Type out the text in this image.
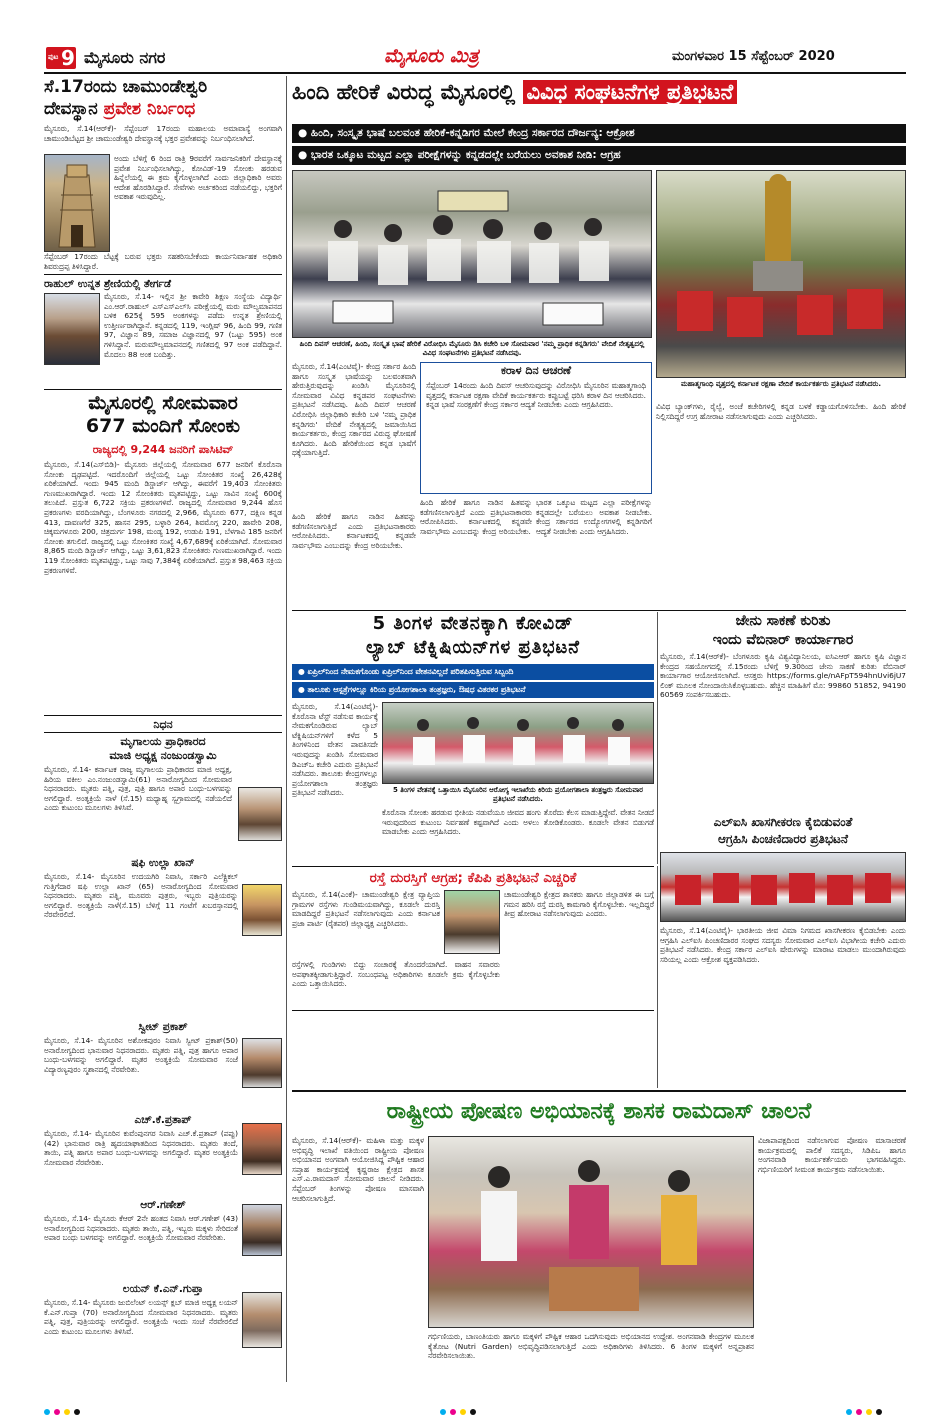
ಪುಟ 9 ಮೈಸೂರು ನಗರ	ಮೈಸೂರು ಮಿತ್ರ	ಮಂಗಳವಾರ 15 ಸೆಪ್ಟೆಂಬರ್ 2020
ಸೆ.17ರಂದು ಚಾಮುಂಡೇಶ್ವರಿ
ದೇವಸ್ಥಾನ ಪ್ರವೇಶ ನಿರ್ಬಂಧ
ಮೈಸೂರು, ಸೆ.14(ಆರ್‌ಕೆ)- ಸೆಪ್ಟೆಂಬರ್ 17ರಂದು ಮಹಾಲಯ ಅಮಾವಾಸ್ಯೆ ಅಂಗವಾಗಿ ಚಾಮುಂಡಿಬೆಟ್ಟದ ಶ್ರೀ ಚಾಮುಂಡೇಶ್ವರಿ ದೇವಸ್ಥಾನಕ್ಕೆ ಭಕ್ತರ ಪ್ರವೇಶವನ್ನು ನಿರ್ಬಂಧಿಸಲಾಗಿದೆ.
ಅಂದು ಬೆಳಿಗ್ಗೆ 6 ರಿಂದ ರಾತ್ರಿ 9ರವರೆಗೆ ಸಾರ್ವಜನಿಕರಿಗೆ ದೇವಸ್ಥಾನಕ್ಕೆ ಪ್ರವೇಶ ನಿರ್ಬಂಧಿಸಲಾಗಿದ್ದು, ಕೋವಿಡ್-19 ಸೋಂಕು ಹರಡುವ ಹಿನ್ನೆಲೆಯಲ್ಲಿ ಈ ಕ್ರಮ ಕೈಗೊಳ್ಳಲಾಗಿದೆ ಎಂದು ಜಿಲ್ಲಾಧಿಕಾರಿ ಅವರು ಆದೇಶ ಹೊರಡಿಸಿದ್ದಾರೆ. ಸೇವೆಗಳು ಅರ್ಚಕರಿಂದ ನಡೆಯಲಿದ್ದು, ಭಕ್ತರಿಗೆ ಅವಕಾಶ ಇರುವುದಿಲ್ಲ.
ಸೆಪ್ಟೆಂಬರ್ 17ರಂದು ಬೆಟ್ಟಕ್ಕೆ ಬರುವ ಭಕ್ತರು ಸಹಕರಿಸಬೇಕೆಂದು ಕಾರ್ಯನಿರ್ವಾಹಕ ಅಧಿಕಾರಿ ಶಿವರುದ್ರಪ್ಪ ತಿಳಿಸಿದ್ದಾರೆ.
ರಾಹುಲ್ ಉನ್ನತ ಶ್ರೇಣಿಯಲ್ಲಿ ತೇರ್ಗಡೆ
ಮೈಸೂರು, ಸೆ.14- ಇಲ್ಲಿನ ಶ್ರೀ ಕಾವೇರಿ ಶಿಕ್ಷಣ ಸಂಸ್ಥೆಯ ವಿದ್ಯಾರ್ಥಿ ಎಂ.ಆರ್.ರಾಹುಲ್ ಎಸ್‌ಎಸ್‌ಎಲ್‌ಸಿ ಪರೀಕ್ಷೆಯಲ್ಲಿ ಮರು ಮೌಲ್ಯಮಾಪನದ ಬಳಿಕ 625ಕ್ಕೆ 595 ಅಂಕಗಳನ್ನು ಪಡೆದು ಉನ್ನತ ಶ್ರೇಣಿಯಲ್ಲಿ ಉತ್ತೀರ್ಣರಾಗಿದ್ದಾನೆ. ಕನ್ನಡದಲ್ಲಿ 119, ಇಂಗ್ಲಿಷ್ 96, ಹಿಂದಿ 99, ಗಣಿತ 97, ವಿಜ್ಞಾನ 89, ಸಮಾಜ ವಿಜ್ಞಾನದಲ್ಲಿ 97 (ಒಟ್ಟು 595) ಅಂಕ ಗಳಿಸಿದ್ದಾನೆ. ಮರುಮೌಲ್ಯಮಾಪನದಲ್ಲಿ ಗಣಿತದಲ್ಲಿ 97 ಅಂಕ ಪಡೆದಿದ್ದಾನೆ. ಮೊದಲು 88 ಅಂಕ ಬಂದಿತ್ತು.
ಮೈಸೂರಲ್ಲಿ ಸೋಮವಾರ
677 ಮಂದಿಗೆ ಸೋಂಕು
ರಾಜ್ಯದಲ್ಲಿ 9,244 ಜನರಿಗೆ ಪಾಸಿಟಿವ್
ಮೈಸೂರು, ಸೆ.14(ಎಸ್‌ಬಿಡಿ)- ಮೈಸೂರು ಜಿಲ್ಲೆಯಲ್ಲಿ ಸೋಮವಾರ 677 ಜನರಿಗೆ ಕೊರೊನಾ ಸೋಂಕು ದೃಢಪಟ್ಟಿದೆ. ಇದರೊಂದಿಗೆ ಜಿಲ್ಲೆಯಲ್ಲಿ ಒಟ್ಟು ಸೋಂಕಿತರ ಸಂಖ್ಯೆ 26,428ಕ್ಕೆ ಏರಿಕೆಯಾಗಿದೆ. ಇಂದು 945 ಮಂದಿ ಡಿಸ್ಚಾರ್ಜ್ ಆಗಿದ್ದು, ಈವರೆಗೆ 19,403 ಸೋಂಕಿತರು ಗುಣಮುಖರಾಗಿದ್ದಾರೆ. ಇಂದು 12 ಸೋಂಕಿತರು ಮೃತಪಟ್ಟಿದ್ದು, ಒಟ್ಟು ಸಾವಿನ ಸಂಖ್ಯೆ 600ಕ್ಕೆ ತಲುಪಿದೆ. ಪ್ರಸ್ತುತ 6,722 ಸಕ್ರಿಯ ಪ್ರಕರಣಗಳಿವೆ. ರಾಜ್ಯದಲ್ಲಿ ಸೋಮವಾರ 9,244 ಹೊಸ ಪ್ರಕರಣಗಳು ವರದಿಯಾಗಿದ್ದು, ಬೆಂಗಳೂರು ನಗರದಲ್ಲಿ 2,966, ಮೈಸೂರು 677, ದಕ್ಷಿಣ ಕನ್ನಡ 413, ದಾವಣಗೆರೆ 325, ಹಾಸನ 295, ಬಳ್ಳಾರಿ 264, ಶಿವಮೊಗ್ಗ 220, ಹಾವೇರಿ 208, ಚಿಕ್ಕಮಗಳೂರು 200, ಚಿತ್ರದುರ್ಗ 198, ಮಂಡ್ಯ 192, ಉಡುಪಿ 191, ಬೆಳಗಾವಿ 185 ಜನರಿಗೆ ಸೋಂಕು ತಗುಲಿದೆ. ರಾಜ್ಯದಲ್ಲಿ ಒಟ್ಟು ಸೋಂಕಿತರ ಸಂಖ್ಯೆ 4,67,689ಕ್ಕೆ ಏರಿಕೆಯಾಗಿದೆ. ಸೋಮವಾರ 8,865 ಮಂದಿ ಡಿಸ್ಚಾರ್ಜ್ ಆಗಿದ್ದು, ಒಟ್ಟು 3,61,823 ಸೋಂಕಿತರು ಗುಣಮುಖರಾಗಿದ್ದಾರೆ. ಇಂದು 119 ಸೋಂಕಿತರು ಮೃತಪಟ್ಟಿದ್ದು, ಒಟ್ಟು ಸಾವು 7,384ಕ್ಕೆ ಏರಿಕೆಯಾಗಿದೆ. ಪ್ರಸ್ತುತ 98,463 ಸಕ್ರಿಯ ಪ್ರಕರಣಗಳಿವೆ.
ನಿಧನ
ಮೃಗಾಲಯ ಪ್ರಾಧಿಕಾರದ
ಮಾಜಿ ಅಧ್ಯಕ್ಷ ನಂಜುಂಡಸ್ವಾಮಿ
ಮೈಸೂರು, ಸೆ.14- ಕರ್ನಾಟಕ ರಾಜ್ಯ ಮೃಗಾಲಯ ಪ್ರಾಧಿಕಾರದ ಮಾಜಿ ಅಧ್ಯಕ್ಷ, ಹಿರಿಯ ವಕೀಲ ಎಂ.ನಂಜುಂಡಸ್ವಾಮಿ(61) ಅನಾರೋಗ್ಯದಿಂದ ಸೋಮವಾರ ನಿಧನರಾದರು. ಮೃತರು ಪತ್ನಿ, ಪುತ್ರ, ಪುತ್ರಿ ಹಾಗೂ ಅಪಾರ ಬಂಧು-ಬಳಗವನ್ನು ಅಗಲಿದ್ದಾರೆ. ಅಂತ್ಯಕ್ರಿಯೆ ನಾಳೆ (ಸೆ.15) ಮಧ್ಯಾಹ್ನ ಸ್ವಗ್ರಾಮದಲ್ಲಿ ನಡೆಯಲಿದೆ ಎಂದು ಕುಟುಂಬ ಮೂಲಗಳು ತಿಳಿಸಿವೆ.
ಷಫಿ ಉಲ್ಲಾ ಖಾನ್
ಮೈಸೂರು, ಸೆ.14- ಮೈಸೂರಿನ ಉದಯಗಿರಿ ನಿವಾಸಿ, ಸರ್ಕಾರಿ ಎಲೆಕ್ಟ್ರಿಕಲ್ ಗುತ್ತಿಗೆದಾರ ಷಫಿ ಉಲ್ಲಾ ಖಾನ್ (65) ಅನಾರೋಗ್ಯದಿಂದ ಸೋಮವಾರ ನಿಧನರಾದರು. ಮೃತರು ಪತ್ನಿ, ಮೂವರು ಪುತ್ರರು, ಇಬ್ಬರು ಪುತ್ರಿಯರನ್ನು ಅಗಲಿದ್ದಾರೆ. ಅಂತ್ಯಕ್ರಿಯೆ ನಾಳೆ(ಸೆ.15) ಬೆಳಿಗ್ಗೆ 11 ಗಂಟೆಗೆ ಖಬರಸ್ತಾನದಲ್ಲಿ ನೆರವೇರಲಿದೆ.
ಸ್ವೀಟ್ ಪ್ರಕಾಶ್
ಮೈಸೂರು, ಸೆ.14- ಮೈಸೂರಿನ ಅಶೋಕಪುರಂ ನಿವಾಸಿ ಸ್ವೀಟ್ ಪ್ರಕಾಶ್(50) ಅನಾರೋಗ್ಯದಿಂದ ಭಾನುವಾರ ನಿಧನರಾದರು. ಮೃತರು ಪತ್ನಿ, ಪುತ್ರ ಹಾಗೂ ಅಪಾರ ಬಂಧು-ಬಳಗವನ್ನು ಅಗಲಿದ್ದಾರೆ. ಮೃತರ ಅಂತ್ಯಕ್ರಿಯೆ ಸೋಮವಾರ ಸಂಜೆ ವಿದ್ಯಾರಣ್ಯಪುರಂ ಸ್ಮಶಾನದಲ್ಲಿ ನೆರವೇರಿತು.
ಎಚ್.ಕೆ.ಪ್ರತಾಪ್
ಮೈಸೂರು, ಸೆ.14- ಮೈಸೂರಿನ ಕುವೆಂಪುನಗರ ನಿವಾಸಿ ಎಚ್.ಕೆ.ಪ್ರತಾಪ್ (ಪಪ್ಪು)(42) ಭಾನುವಾರ ರಾತ್ರಿ ಹೃದಯಾಘಾತದಿಂದ ನಿಧನರಾದರು. ಮೃತರು ತಂದೆ, ತಾಯಿ, ಪತ್ನಿ ಹಾಗೂ ಅಪಾರ ಬಂಧು-ಬಳಗವನ್ನು ಅಗಲಿದ್ದಾರೆ. ಮೃತರ ಅಂತ್ಯಕ್ರಿಯೆ ಸೋಮವಾರ ನೆರವೇರಿತು.
ಆರ್.ಗಣೇಶ್
ಮೈಸೂರು, ಸೆ.14- ಮೈಸೂರು ಕೆಆರ್ 2ನೇ ಹಂತದ ನಿವಾಸಿ ಆರ್.ಗಣೇಶ್ (43) ಅನಾರೋಗ್ಯದಿಂದ ನಿಧನರಾದರು. ಮೃತರು ತಾಯಿ, ಪತ್ನಿ, ಇಬ್ಬರು ಮಕ್ಕಳು ಸೇರಿದಂತೆ ಅಪಾರ ಬಂಧು ಬಳಗವನ್ನು ಅಗಲಿದ್ದಾರೆ. ಅಂತ್ಯಕ್ರಿಯೆ ಸೋಮವಾರ ನೆರವೇರಿತು.
ಲಯನ್ ಕೆ.ಎನ್.ಗುಪ್ತಾ
ಮೈಸೂರು, ಸೆ.14- ಮೈಸೂರು ಜುಬಿಲೆಂಟ್ ಲಯನ್ಸ್ ಕ್ಲಬ್ ಮಾಜಿ ಅಧ್ಯಕ್ಷ ಲಯನ್ ಕೆ.ಎನ್.ಗುಪ್ತಾ (70) ಅನಾರೋಗ್ಯದಿಂದ ಸೋಮವಾರ ನಿಧನರಾದರು. ಮೃತರು ಪತ್ನಿ, ಪುತ್ರ, ಪುತ್ರಿಯರನ್ನು ಅಗಲಿದ್ದಾರೆ. ಅಂತ್ಯಕ್ರಿಯೆ ಇಂದು ಸಂಜೆ ನೆರವೇರಲಿದೆ ಎಂದು ಕುಟುಂಬ ಮೂಲಗಳು ತಿಳಿಸಿವೆ.
ಹಿಂದಿ ಹೇರಿಕೆ ವಿರುದ್ಧ ಮೈಸೂರಲ್ಲಿ ವಿವಿಧ ಸಂಘಟನೆಗಳ ಪ್ರತಿಭಟನೆ
● ಹಿಂದಿ, ಸಂಸ್ಕೃತ ಭಾಷೆ ಬಲವಂತ ಹೇರಿಕೆ-ಕನ್ನಡಿಗರ ಮೇಲೆ ಕೇಂದ್ರ ಸರ್ಕಾರದ ದೌರ್ಜನ್ಯ: ಆಕ್ರೋಶ
● ಭಾರತ ಒಕ್ಕೂಟ ಮಟ್ಟದ ಎಲ್ಲಾ ಪರೀಕ್ಷೆಗಳನ್ನು ಕನ್ನಡದಲ್ಲೇ ಬರೆಯಲು ಅವಕಾಶ ನೀಡಿ: ಆಗ್ರಹ
ಹಿಂದಿ ದಿವಸ್ ಆಚರಣೆ, ಹಿಂದಿ, ಸಂಸ್ಕೃತ ಭಾಷೆ ಹೇರಿಕೆ ವಿರೋಧಿಸಿ ಮೈಸೂರು ಡಿಸಿ ಕಚೇರಿ ಬಳಿ ಸೋಮವಾರ 'ನಮ್ಮ ಪ್ರಾಧಿಕ ಕನ್ನಡಿಗರು' ವೇದಿಕೆ ನೇತೃತ್ವದಲ್ಲಿ ವಿವಿಧ ಸಂಘಟನೆಗಳು ಪ್ರತಿಭಟನೆ ನಡೆಸಿದವು.
ಮಹಾತ್ಮಗಾಂಧಿ ವೃತ್ತದಲ್ಲಿ ಕರ್ನಾಟಕ ರಕ್ಷಣಾ ವೇದಿಕೆ ಕಾರ್ಯಕರ್ತರು ಪ್ರತಿಭಟನೆ ನಡೆಸಿದರು.
ಮೈಸೂರು, ಸೆ.14(ಎಂಟಿವೈ)- ಕೇಂದ್ರ ಸರ್ಕಾರ ಹಿಂದಿ ಹಾಗೂ ಸಂಸ್ಕೃತ ಭಾಷೆಯನ್ನು ಬಲವಂತವಾಗಿ ಹೇರುತ್ತಿರುವುದನ್ನು ಖಂಡಿಸಿ ಮೈಸೂರಿನಲ್ಲಿ ಸೋಮವಾರ ವಿವಿಧ ಕನ್ನಡಪರ ಸಂಘಟನೆಗಳು ಪ್ರತಿಭಟನೆ ನಡೆಸಿದವು. ಹಿಂದಿ ದಿವಸ್ ಆಚರಣೆ ವಿರೋಧಿಸಿ ಜಿಲ್ಲಾಧಿಕಾರಿ ಕಚೇರಿ ಬಳಿ 'ನಮ್ಮ ಪ್ರಾಧಿಕ ಕನ್ನಡಿಗರು' ವೇದಿಕೆ ನೇತೃತ್ವದಲ್ಲಿ ಜಮಾಯಿಸಿದ ಕಾರ್ಯಕರ್ತರು, ಕೇಂದ್ರ ಸರ್ಕಾರದ ವಿರುದ್ಧ ಘೋಷಣೆ ಕೂಗಿದರು. ಹಿಂದಿ ಹೇರಿಕೆಯಿಂದ ಕನ್ನಡ ಭಾಷೆಗೆ ಧಕ್ಕೆಯಾಗುತ್ತಿದೆ.
ಕರಾಳ ದಿನ ಆಚರಣೆ
ಸೆಪ್ಟೆಂಬರ್ 14ರಂದು ಹಿಂದಿ ದಿವಸ್ ಆಚರಿಸುವುದನ್ನು ವಿರೋಧಿಸಿ ಮೈಸೂರಿನ ಮಹಾತ್ಮಗಾಂಧಿ ವೃತ್ತದಲ್ಲಿ ಕರ್ನಾಟಕ ರಕ್ಷಣಾ ವೇದಿಕೆ ಕಾರ್ಯಕರ್ತರು ಕಪ್ಪುಬಟ್ಟೆ ಧರಿಸಿ ಕರಾಳ ದಿನ ಆಚರಿಸಿದರು. ಕನ್ನಡ ಭಾಷೆ ಸಂರಕ್ಷಣೆಗೆ ಕೇಂದ್ರ ಸರ್ಕಾರ ಆದ್ಯತೆ ನೀಡಬೇಕು ಎಂದು ಆಗ್ರಹಿಸಿದರು.
ಹಿಂದಿ ಹೇರಿಕೆ ಹಾಗೂ ನಾಡಿನ ಹಿತವನ್ನು ಕಡೆಗಣಿಸಲಾಗುತ್ತಿದೆ ಎಂದು ಪ್ರತಿಭಟನಾಕಾರರು ಆರೋಪಿಸಿದರು. ಕರ್ನಾಟಕದಲ್ಲಿ ಕನ್ನಡವೇ ಸಾರ್ವಭೌಮ ಎಂಬುದನ್ನು ಕೇಂದ್ರ ಅರಿಯಬೇಕು.
ಭಾರತ ಒಕ್ಕೂಟ ಮಟ್ಟದ ಎಲ್ಲಾ ಪರೀಕ್ಷೆಗಳನ್ನು ಕನ್ನಡದಲ್ಲೇ ಬರೆಯಲು ಅವಕಾಶ ನೀಡಬೇಕು. ಕೇಂದ್ರ ಸರ್ಕಾರದ ಉದ್ಯೋಗಗಳಲ್ಲಿ ಕನ್ನಡಿಗರಿಗೆ ಆದ್ಯತೆ ನೀಡಬೇಕು ಎಂದು ಆಗ್ರಹಿಸಿದರು.
ವಿವಿಧ ಬ್ಯಾಂಕ್‌ಗಳು, ರೈಲ್ವೆ, ಅಂಚೆ ಕಚೇರಿಗಳಲ್ಲಿ ಕನ್ನಡ ಬಳಕೆ ಕಡ್ಡಾಯಗೊಳಿಸಬೇಕು. ಹಿಂದಿ ಹೇರಿಕೆ ನಿಲ್ಲಿಸದಿದ್ದರೆ ಉಗ್ರ ಹೋರಾಟ ನಡೆಸಲಾಗುವುದು ಎಂದು ಎಚ್ಚರಿಸಿದರು.
ಹಿಂದಿ ಹೇರಿಕೆ ಹಾಗೂ ನಾಡಿನ ಹಿತವನ್ನು ಕಡೆಗಣಿಸಲಾಗುತ್ತಿದೆ ಎಂದು ಪ್ರತಿಭಟನಾಕಾರರು ಆರೋಪಿಸಿದರು. ಕರ್ನಾಟಕದಲ್ಲಿ ಕನ್ನಡವೇ ಸಾರ್ವಭೌಮ ಎಂಬುದನ್ನು ಕೇಂದ್ರ ಅರಿಯಬೇಕು.
5 ತಿಂಗಳ ವೇತನಕ್ಕಾಗಿ ಕೋವಿಡ್
ಲ್ಯಾಬ್ ಟೆಕ್ನಿಷಿಯನ್‌ಗಳ ಪ್ರತಿಭಟನೆ
● ಏಪ್ರಿಲ್‌ನಿಂದ ನೇಮಕಗೊಂಡು ಏಪ್ರಿಲ್‌ನಿಂದ ವೇತನವಿಲ್ಲದೆ ಪರಿತಪಿಸುತ್ತಿರುವ ಸಿಬ್ಬಂದಿ
● ತಾಲೂಕು ಆಸ್ಪತ್ರೆಗಳಲ್ಲೂ ಕಿರಿಯ ಪ್ರಯೋಗಶಾಲಾ ತಂತ್ರಜ್ಞರು, ಔಷಧ ವಿತರಕರ ಪ್ರತಿಭಟನೆ
ಮೈಸೂರು, ಸೆ.14(ಎಂಟಿವೈ)- ಕೊರೊನಾ ಟೆಸ್ಟ್ ನಡೆಸುವ ಕಾರ್ಯಕ್ಕೆ ನೇಮಕಗೊಂಡಿರುವ ಲ್ಯಾಬ್ ಟೆಕ್ನಿಷಿಯನ್‌ಗಳಿಗೆ ಕಳೆದ 5 ತಿಂಗಳಿನಿಂದ ವೇತನ ಪಾವತಿಸದೇ ಇರುವುದನ್ನು ಖಂಡಿಸಿ ಸೋಮವಾರ ಡಿಎಚ್‌ಒ ಕಚೇರಿ ಎದುರು ಪ್ರತಿಭಟನೆ ನಡೆಸಿದರು. ತಾಲೂಕು ಕೇಂದ್ರಗಳಲ್ಲೂ ಪ್ರಯೋಗಶಾಲಾ ತಂತ್ರಜ್ಞರು ಪ್ರತಿಭಟನೆ ನಡೆಸಿದರು.	5 ತಿಂಗಳ ವೇತನಕ್ಕೆ ಒತ್ತಾಯಿಸಿ ಮೈಸೂರಿನ ಆರೋಗ್ಯ ಇಲಾಖೆಯ ಕಿರಿಯ ಪ್ರಯೋಗಶಾಲಾ ತಂತ್ರಜ್ಞರು ಸೋಮವಾರ ಪ್ರತಿಭಟನೆ ನಡೆಸಿದರು.
ಕೊರೊನಾ ಸೋಂಕು ಹರಡುವ ಭೀತಿಯ ನಡುವೆಯೂ ಜೀವದ ಹಂಗು ತೊರೆದು ಕೆಲಸ ಮಾಡುತ್ತಿದ್ದೇವೆ. ವೇತನ ನೀಡದೆ ಇರುವುದರಿಂದ ಕುಟುಂಬ ನಿರ್ವಹಣೆ ಕಷ್ಟವಾಗಿದೆ ಎಂದು ಅಳಲು ತೋಡಿಕೊಂಡರು. ಕೂಡಲೇ ವೇತನ ಬಿಡುಗಡೆ ಮಾಡಬೇಕು ಎಂದು ಆಗ್ರಹಿಸಿದರು.
ಜೇನು ಸಾಕಣೆ ಕುರಿತು
ಇಂದು ವೆಬಿನಾರ್ ಕಾರ್ಯಾಗಾರ
ಮೈಸೂರು, ಸೆ.14(ಆರ್‌ಕೆ)- ಬೆಂಗಳೂರು ಕೃಷಿ ವಿಶ್ವವಿದ್ಯಾನಿಲಯ, ಐಸಿಎಆರ್ ಹಾಗೂ ಕೃಷಿ ವಿಜ್ಞಾನ ಕೇಂದ್ರದ ಸಹಯೋಗದಲ್ಲಿ ಸೆ.15ರಂದು ಬೆಳಿಗ್ಗೆ 9.30ರಿಂದ ಜೇನು ಸಾಕಣೆ ಕುರಿತು ವೆಬಿನಾರ್ ಕಾರ್ಯಾಗಾರ ಆಯೋಜಿಸಲಾಗಿದೆ. ಆಸಕ್ತರು https://forms.gle/nAFpT594hnUvi6jU7 ಲಿಂಕ್ ಮೂಲಕ ನೋಂದಾಯಿಸಿಕೊಳ್ಳಬಹುದು. ಹೆಚ್ಚಿನ ಮಾಹಿತಿಗೆ ಮೊ: 99860 51852, 94190 60569 ಸಂಪರ್ಕಿಸಬಹುದು.
ಎಲ್‌ಐಸಿ ಖಾಸಗೀಕರಣ ಕೈಬಿಡುವಂತೆ
ಆಗ್ರಹಿಸಿ ಪಿಂಚಣಿದಾರರ ಪ್ರತಿಭಟನೆ
ಮೈಸೂರು, ಸೆ.14(ಎಂಟಿವೈ)- ಭಾರತೀಯ ಜೀವ ವಿಮಾ ನಿಗಮದ ಖಾಸಗೀಕರಣ ಕೈಬಿಡಬೇಕು ಎಂದು ಆಗ್ರಹಿಸಿ ಎಲ್‌ಐಸಿ ಪಿಂಚಣಿದಾರರ ಸಂಘದ ಸದಸ್ಯರು ಸೋಮವಾರ ಎಲ್‌ಐಸಿ ವಿಭಾಗೀಯ ಕಚೇರಿ ಎದುರು ಪ್ರತಿಭಟನೆ ನಡೆಸಿದರು. ಕೇಂದ್ರ ಸರ್ಕಾರ ಎಲ್‌ಐಸಿ ಷೇರುಗಳನ್ನು ಮಾರಾಟ ಮಾಡಲು ಮುಂದಾಗಿರುವುದು ಸರಿಯಲ್ಲ ಎಂದು ಆಕ್ರೋಶ ವ್ಯಕ್ತಪಡಿಸಿದರು.
ರಸ್ತೆ ದುರಸ್ತಿಗೆ ಆಗ್ರಹ; ಕೆಪಿಪಿ ಪ್ರತಿಭಟನೆ ಎಚ್ಚರಿಕೆ
ಮೈಸೂರು, ಸೆ.14(ಎಂಕೆ)- ಚಾಮುಂಡೇಶ್ವರಿ ಕ್ಷೇತ್ರ ವ್ಯಾಪ್ತಿಯ ಗ್ರಾಮಗಳ ರಸ್ತೆಗಳು ಗುಂಡಿಮಯವಾಗಿದ್ದು, ಕೂಡಲೇ ದುರಸ್ತಿ ಮಾಡದಿದ್ದರೆ ಪ್ರತಿಭಟನೆ ನಡೆಸಲಾಗುವುದು ಎಂದು ಕರ್ನಾಟಕ ಪ್ರಜಾ ಪಾರ್ಟಿ (ರೈತಪರ) ಜಿಲ್ಲಾಧ್ಯಕ್ಷ ಎಚ್ಚರಿಸಿದರು.
ಚಾಮುಂಡೇಶ್ವರಿ ಕ್ಷೇತ್ರದ ಶಾಸಕರು ಹಾಗೂ ಜಿಲ್ಲಾಡಳಿತ ಈ ಬಗ್ಗೆ ಗಮನ ಹರಿಸಿ ರಸ್ತೆ ದುರಸ್ತಿ ಕಾಮಗಾರಿ ಕೈಗೊಳ್ಳಬೇಕು. ಇಲ್ಲದಿದ್ದರೆ ತೀವ್ರ ಹೋರಾಟ ನಡೆಸಲಾಗುವುದು ಎಂದರು.
ರಸ್ತೆಗಳಲ್ಲಿ ಗುಂಡಿಗಳು ಬಿದ್ದು ಸಂಚಾರಕ್ಕೆ ತೊಂದರೆಯಾಗಿದೆ. ವಾಹನ ಸವಾರರು ಅಪಘಾತಕ್ಕೀಡಾಗುತ್ತಿದ್ದಾರೆ. ಸಂಬಂಧಪಟ್ಟ ಅಧಿಕಾರಿಗಳು ಕೂಡಲೇ ಕ್ರಮ ಕೈಗೊಳ್ಳಬೇಕು ಎಂದು ಒತ್ತಾಯಿಸಿದರು.
ರಾಷ್ಟ್ರೀಯ ಪೋಷಣ ಅಭಿಯಾನಕ್ಕೆ ಶಾಸಕ ರಾಮದಾಸ್ ಚಾಲನೆ
ಮೈಸೂರು, ಸೆ.14(ಆರ್‌ಕೆ)- ಮಹಿಳಾ ಮತ್ತು ಮಕ್ಕಳ ಅಭಿವೃದ್ಧಿ ಇಲಾಖೆ ವತಿಯಿಂದ ರಾಷ್ಟ್ರೀಯ ಪೋಷಣ ಅಭಿಯಾನದ ಅಂಗವಾಗಿ ಆಯೋಜಿಸಿದ್ದ ಪೌಷ್ಟಿಕ ಆಹಾರ ಸಪ್ತಾಹ ಕಾರ್ಯಕ್ರಮಕ್ಕೆ ಕೃಷ್ಣರಾಜ ಕ್ಷೇತ್ರದ ಶಾಸಕ ಎಸ್.ಎ.ರಾಮದಾಸ್ ಸೋಮವಾರ ಚಾಲನೆ ನೀಡಿದರು. ಸೆಪ್ಟೆಂಬರ್ ತಿಂಗಳನ್ನು ಪೋಷಣ ಮಾಸವಾಗಿ ಆಚರಿಸಲಾಗುತ್ತಿದೆ.
ವಿಜಾಪಾಪಕ್ಷದಿಂದ ನಡೆಸಲಾಗುವ ಪೋಷಣ ಮಾಸಾಚರಣೆ ಕಾರ್ಯಕ್ರಮದಲ್ಲಿ ಪಾಲಿಕೆ ಸದಸ್ಯರು, ಸಿಡಿಪಿಒ ಹಾಗೂ ಅಂಗನವಾಡಿ ಕಾರ್ಯಕರ್ತೆಯರು ಭಾಗವಹಿಸಿದ್ದರು. ಗರ್ಭಿಣಿಯರಿಗೆ ಸೀಮಂತ ಕಾರ್ಯಕ್ರಮ ನಡೆಸಲಾಯಿತು.
ಗರ್ಭಿಣಿಯರು, ಬಾಣಂತಿಯರು ಹಾಗೂ ಮಕ್ಕಳಿಗೆ ಪೌಷ್ಟಿಕ ಆಹಾರ ಒದಗಿಸುವುದು ಅಭಿಯಾನದ ಉದ್ದೇಶ. ಅಂಗನವಾಡಿ ಕೇಂದ್ರಗಳ ಮೂಲಕ ಕೈತೋಟ (Nutri Garden) ಅಭಿವೃದ್ಧಿಪಡಿಸಲಾಗುತ್ತಿದೆ ಎಂದು ಅಧಿಕಾರಿಗಳು ತಿಳಿಸಿದರು. 6 ತಿಂಗಳ ಮಕ್ಕಳಿಗೆ ಅನ್ನಪ್ರಾಶನ ನೆರವೇರಿಸಲಾಯಿತು.
